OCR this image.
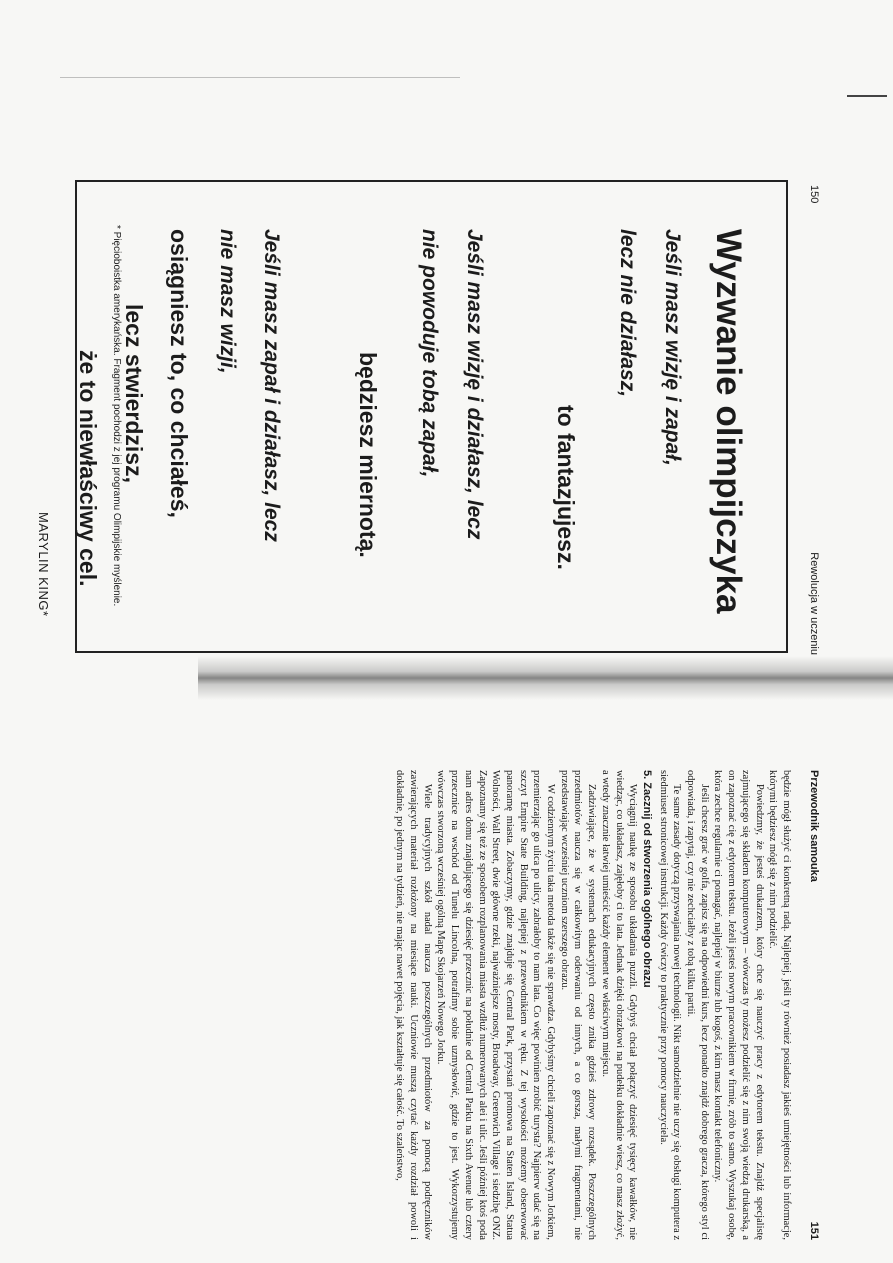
150
Rewolucja w uczeniu
Wyzwanie olimpijczyka
Jeśli masz wizję i zapał,
lecz nie działasz,
to fantazjujesz.
Jeśli masz wizję i działasz, lecz
nie powoduje tobą zapał,
będziesz miernotą.
Jeśli masz zapał i działasz, lecz
nie masz wizji,
osiągniesz to, co chciałeś,
lecz stwierdzisz,
że to niewłaściwy cel.
MARYLIN KING*	* Pięcioboistka amerykańska. Fragment pochodzi z jej programu Olimpijskie myślenie.
Przewodnik samouka
151

będzie mógł służyć ci konkretną radą. Najlepiej, jeśli ty również posiadasz jakieś umiejętności lub informacje, którymi będziesz mógł się z nim podzielić.

Powiedzmy, że jesteś drukarzem, który chce się nauczyć pracy z edytorem tekstu. Znajdź specjalistę zajmującego się składem komputerowym – wówczas ty możesz podzielić się z nim swoją wiedzą drukarską, a on zapoznać cię z edytorem tekstu. Jeżeli jesteś nowym pracownikiem w firmie, zrób to samo. Wyszukaj osobę, która zechce regularnie ci pomagać, najlepiej w biurze lub kogoś, z kim masz kontakt telefoniczny.

Jeśli chcesz grać w golfa, zapisz się na odpowiedni kurs, lecz ponadto znajdź dobrego gracza, którego styl ci odpowiada, i zapytaj, czy nie zechciałby z tobą kilku partii.

Te same zasady dotyczą przyswajania nowej technologii. Nikt samodzielnie nie uczy się obsługi komputera z siedmiuset stronicowej instrukcji. Każdy ćwiczy to praktycznie przy pomocy nauczyciela.

5. Zacznij od stworzenia ogólnego obrazu

Wyciągnij naukę ze sposobu układania puzzli. Gdybyś chciał połączyć dziesięć tysięcy kawałków, nie wiedząc, co układasz, zajęłoby ci to lata. Jednak dzięki obrazkowi na pudełku dokładnie wiesz, co masz złożyć, a wtedy znacznie łatwiej umieścić każdy element we właściwym miejscu.

Zadziwiające, że w systemach edukacyjnych często znika gdzieś zdrowy rozsądek. Poszczególnych przedmiotów naucza się w całkowitym oderwaniu od innych, a co gorsza, małymi fragmentami, nie przedstawiając wcześniej uczniom szerszego obrazu.

W codziennym życiu taka metoda także się nie sprawdza. Gdybyśmy chcieli zapoznać się z Nowym Jorkiem, przemierzając go ulica po ulicy, zabrałoby to nam lata. Co więc powinien zrobić turysta? Najpierw udać się na szczyt Empire State Building, najlepiej z przewodnikiem w ręku. Z tej wysokości możemy obserwować panoramę miasta. Zobaczymy, gdzie znajduje się Central Park, przystań promowa na Staten Island, Statua Wolności, Wall Street, dwie główne rzeki, najważniejsze mosty, Broadway, Greenwich Village i siedzibę ONZ. Zapoznamy się też ze sposobem rozplanowania miasta wzdłuż numerowanych alei i ulic. Jeśli później ktoś poda nam adres domu znajdującego się dziesięć przecznic na południe od Central Parku na Sixth Avenue lub cztery przecznice na wschód od Tunelu Lincolna, potrafimy sobie uzmysłowić, gdzie to jest. Wykorzystujemy wówczas stworzoną wcześniej ogólną Mapę Skojarzeń Nowego Jorku.

Wiele tradycyjnych szkół nadal naucza poszczególnych przedmiotów za pomocą podręczników zawierających materiał rozłożony na miesiące nauki. Uczniowie muszą czytać każdy rozdział powoli i dokładnie, po jednym na tydzień, nie mając nawet pojęcia, jak kształtuje się całość. To szaleństwo,
